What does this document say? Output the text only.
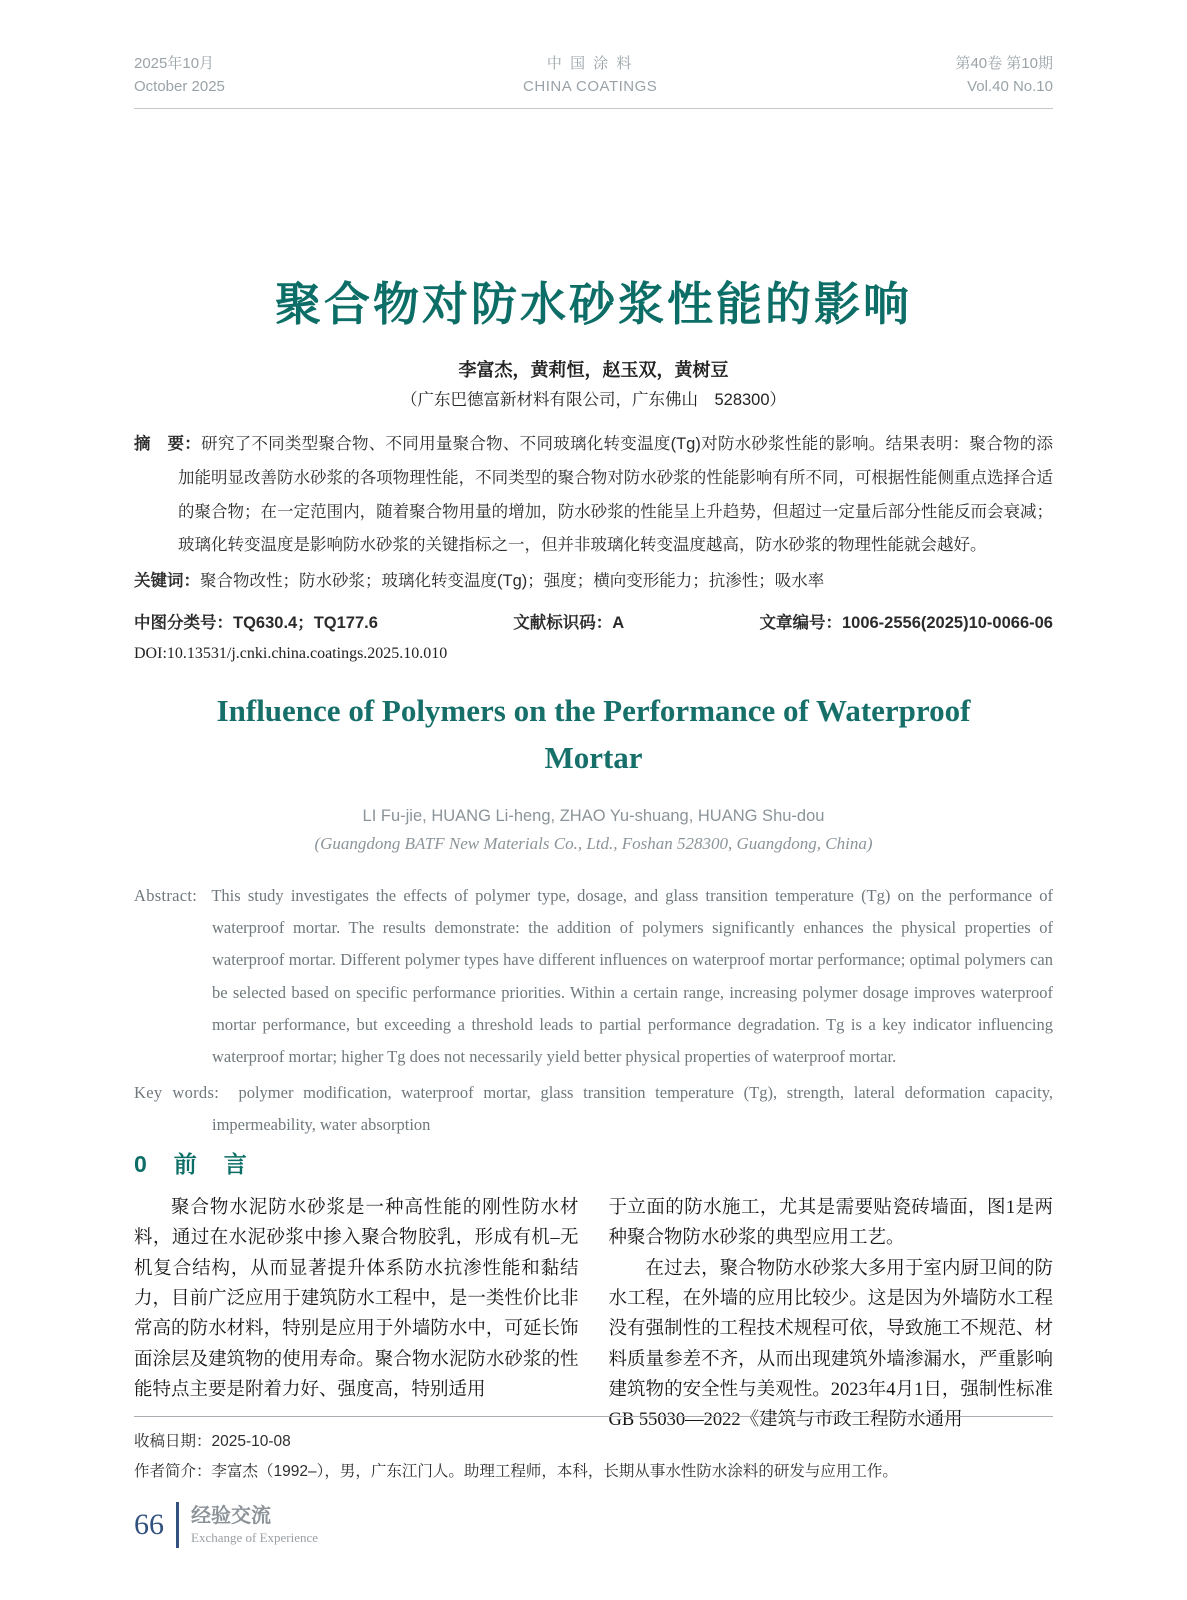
2025年10月
October 2025
中 国 涂 料
CHINA COATINGS
第40卷 第10期
Vol.40 No.10
聚合物对防水砂浆性能的影响
李富杰，黄莉恒，赵玉双，黄树豆
（广东巴德富新材料有限公司，广东佛山　528300）

摘　要：研究了不同类型聚合物、不同用量聚合物、不同玻璃化转变温度(Tg)对防水砂浆性能的影响。结果表明：聚合物的添加能明显改善防水砂浆的各项物理性能，不同类型的聚合物对防水砂浆的性能影响有所不同，可根据性能侧重点选择合适的聚合物；在一定范围内，随着聚合物用量的增加，防水砂浆的性能呈上升趋势，但超过一定量后部分性能反而会衰减；玻璃化转变温度是影响防水砂浆的关键指标之一，但并非玻璃化转变温度越高，防水砂浆的物理性能就会越好。

关键词：聚合物改性；防水砂浆；玻璃化转变温度(Tg)；强度；横向变形能力；抗渗性；吸水率

中图分类号：TQ630.4；TQ177.6	文献标识码：A	文章编号：1006-2556(2025)10-0066-06
DOI:10.13531/j.cnki.china.coatings.2025.10.010
Influence of Polymers on the Performance of Waterproof Mortar
LI Fu-jie, HUANG Li-heng, ZHAO Yu-shuang, HUANG Shu-dou
(Guangdong BATF New Materials Co., Ltd., Foshan 528300, Guangdong, China)

Abstract: This study investigates the effects of polymer type, dosage, and glass transition temperature (Tg) on the performance of waterproof mortar. The results demonstrate: the addition of polymers significantly enhances the physical properties of waterproof mortar. Different polymer types have different influences on waterproof mortar performance; optimal polymers can be selected based on specific performance priorities. Within a certain range, increasing polymer dosage improves waterproof mortar performance, but exceeding a threshold leads to partial performance degradation. Tg is a key indicator influencing waterproof mortar; higher Tg does not necessarily yield better physical properties of waterproof mortar.

Key words: polymer modification, waterproof mortar, glass transition temperature (Tg), strength, lateral deformation capacity, impermeability, water absorption

0　前　言

聚合物水泥防水砂浆是一种高性能的刚性防水材料，通过在水泥砂浆中掺入聚合物胶乳，形成有机–无机复合结构，从而显著提升体系防水抗渗性能和黏结力，目前广泛应用于建筑防水工程中，是一类性价比非常高的防水材料，特别是应用于外墙防水中，可延长饰面涂层及建筑物的使用寿命。聚合物水泥防水砂浆的性能特点主要是附着力好、强度高，特别适用

于立面的防水施工，尤其是需要贴瓷砖墙面，图1是两种聚合物防水砂浆的典型应用工艺。

在过去，聚合物防水砂浆大多用于室内厨卫间的防水工程，在外墙的应用比较少。这是因为外墙防水工程没有强制性的工程技术规程可依，导致施工不规范、材料质量参差不齐，从而出现建筑外墙渗漏水，严重影响建筑物的安全性与美观性。2023年4月1日，强制性标准GB 55030—2022《建筑与市政工程防水通用

收稿日期：2025-10-08
作者简介：李富杰（1992–），男，广东江门人。助理工程师，本科，长期从事水性防水涂料的研发与应用工作。
66 经验交流
Exchange of Experience
